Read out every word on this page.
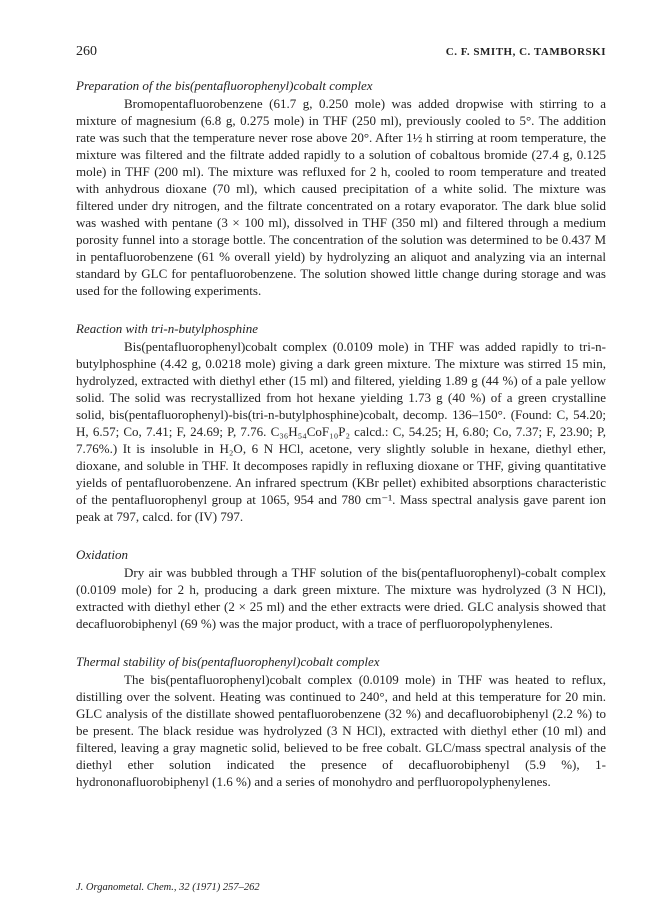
260	C. F. SMITH, C. TAMBORSKI
Preparation of the bis(pentafluorophenyl)cobalt complex

Bromopentafluorobenzene (61.7 g, 0.250 mole) was added dropwise with stirring to a mixture of magnesium (6.8 g, 0.275 mole) in THF (250 ml), previously cooled to 5°. The addition rate was such that the temperature never rose above 20°. After 1½ h stirring at room temperature, the mixture was filtered and the filtrate added rapidly to a solution of cobaltous bromide (27.4 g, 0.125 mole) in THF (200 ml). The mixture was refluxed for 2 h, cooled to room temperature and treated with anhydrous dioxane (70 ml), which caused precipitation of a white solid. The mixture was filtered under dry nitrogen, and the filtrate concentrated on a rotary evaporator. The dark blue solid was washed with pentane (3 × 100 ml), dissolved in THF (350 ml) and filtered through a medium porosity funnel into a storage bottle. The concentration of the solution was determined to be 0.437 M in pentafluorobenzene (61 % overall yield) by hydrolyzing an aliquot and analyzing via an internal standard by GLC for pentafluorobenzene. The solution showed little change during storage and was used for the following experiments.

Reaction with tri-n-butylphosphine

Bis(pentafluorophenyl)cobalt complex (0.0109 mole) in THF was added rapidly to tri-n-butylphosphine (4.42 g, 0.0218 mole) giving a dark green mixture. The mixture was stirred 15 min, hydrolyzed, extracted with diethyl ether (15 ml) and filtered, yielding 1.89 g (44 %) of a pale yellow solid. The solid was recrystallized from hot hexane yielding 1.73 g (40 %) of a green crystalline solid, bis(pentafluorophenyl)-bis(tri-n-butylphosphine)cobalt, decomp. 136–150°. (Found: C, 54.20; H, 6.57; Co, 7.41; F, 24.69; P, 7.76. C₃₆H₅₄CoF₁₀P₂ calcd.: C, 54.25; H, 6.80; Co, 7.37; F, 23.90; P, 7.76%.) It is insoluble in H₂O, 6 N HCl, acetone, very slightly soluble in hexane, diethyl ether, dioxane, and soluble in THF. It decomposes rapidly in refluxing dioxane or THF, giving quantitative yields of pentafluorobenzene. An infrared spectrum (KBr pellet) exhibited absorptions characteristic of the pentafluorophenyl group at 1065, 954 and 780 cm⁻¹. Mass spectral analysis gave parent ion peak at 797, calcd. for (IV) 797.

Oxidation

Dry air was bubbled through a THF solution of the bis(pentafluorophenyl)-cobalt complex (0.0109 mole) for 2 h, producing a dark green mixture. The mixture was hydrolyzed (3 N HCl), extracted with diethyl ether (2 × 25 ml) and the ether extracts were dried. GLC analysis showed that decafluorobiphenyl (69 %) was the major product, with a trace of perfluoropolyphenylenes.

Thermal stability of bis(pentafluorophenyl)cobalt complex

The bis(pentafluorophenyl)cobalt complex (0.0109 mole) in THF was heated to reflux, distilling over the solvent. Heating was continued to 240°, and held at this temperature for 20 min. GLC analysis of the distillate showed pentafluorobenzene (32 %) and decafluorobiphenyl (2.2 %) to be present. The black residue was hydrolyzed (3 N HCl), extracted with diethyl ether (10 ml) and filtered, leaving a gray magnetic solid, believed to be free cobalt. GLC/mass spectral analysis of the diethyl ether solution indicated the presence of decafluorobiphenyl (5.9 %), 1-hydrononafluorobiphenyl (1.6 %) and a series of monohydro and perfluoropolyphenylenes.

J. Organometal. Chem., 32 (1971) 257–262
